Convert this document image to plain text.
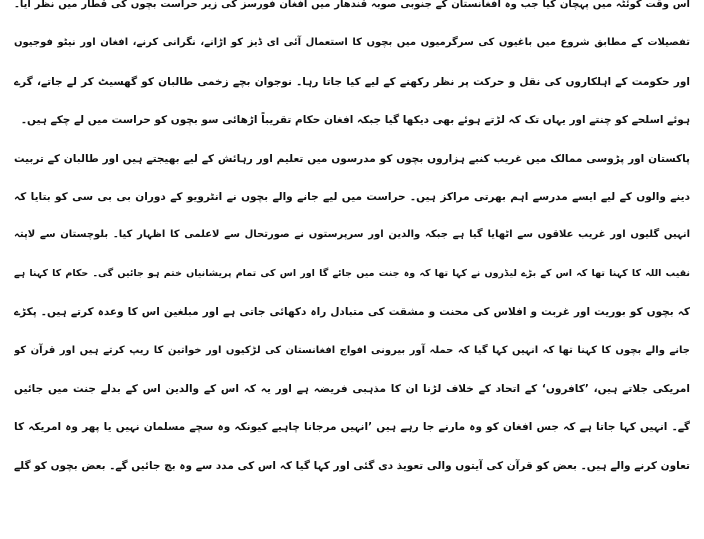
اس وقت کوئٹہ میں پہچان کیا جب وہ افغانستان کے جنوبی صوبہ قندھار میں افغان فورسز کی زیر حراست بچوں کی قطار میں نظر آیا۔
تفصیلات کے مطابق شروع میں باغیوں کی سرگرمیوں میں بچوں کا استعمال آئی ای ڈیز کو اڑانے، نگرانی کرنے، افغان اور نیٹو فوجیوں
اور حکومت کے اہلکاروں کی نقل و حرکت پر نظر رکھنے کے لیے کیا جاتا رہا۔ نوجوان بچے زخمی طالبان کو گھسیٹ کر لے جاتے، گرے
ہوئے اسلحے کو چنتے اور یہاں تک کہ لڑتے ہوئے بھی دیکھا گیا جبکہ افغان حکام تقریباً اڑھائی سو بچوں کو حراست میں لے چکے ہیں۔
پاکستان اور پڑوسی ممالک میں غریب کنبے ہزاروں بچوں کو مدرسوں میں تعلیم اور رہائش کے لیے بھیجتے ہیں اور طالبان کے تربیت
دینے والوں کے لیے ایسے مدرسے اہم بھرتی مراکز ہیں۔ حراست میں لیے جانے والے بچوں نے انٹرویو کے دوران بی بی سی کو بتایا کہ
انہیں گلیوں اور غریب علاقوں سے اٹھایا گیا ہے جبکہ والدین اور سرپرستوں نے صورتحال سے لاعلمی کا اظہار کیا۔ بلوچستان سے لاپتہ
نقیب اللہ کا کہنا تھا کہ اس کے بڑے لیڈروں نے کہا تھا کہ وہ جنت میں جائے گا اور اس کی تمام پریشانیاں ختم ہو جائیں گی۔ حکام کا کہنا ہے
کہ بچوں کو بوریت اور غربت و افلاس کی محنت و مشقت کی متبادل راہ دکھائی جاتی ہے اور مبلغین اس کا وعدہ کرتے ہیں۔ پکڑے
جانے والے بچوں کا کہنا تھا کہ انہیں کہا گیا کہ حملہ آور بیرونی افواج افغانستان کی لڑکیوں اور خواتین کا ریپ کرتے ہیں اور قرآن کو
امریکی جلاتے ہیں، ’کافروں‘ کے اتحاد کے خلاف لڑنا ان کا مذہبی فریضہ ہے اور یہ کہ اس کے والدین اس کے بدلے جنت میں جائیں
گے۔ انہیں کہا جاتا ہے کہ جس افغان کو وہ مارنے جا رہے ہیں ’انہیں مرجانا چاہیے کیونکہ وہ سچے مسلمان نہیں یا پھر وہ امریکہ کا
تعاون کرنے والے ہیں۔ بعض کو قرآن کی آیتوں والی تعویذ دی گئی اور کہا گیا کہ اس کی مدد سے وہ بچ جائیں گے۔ بعض بچوں کو گلے
